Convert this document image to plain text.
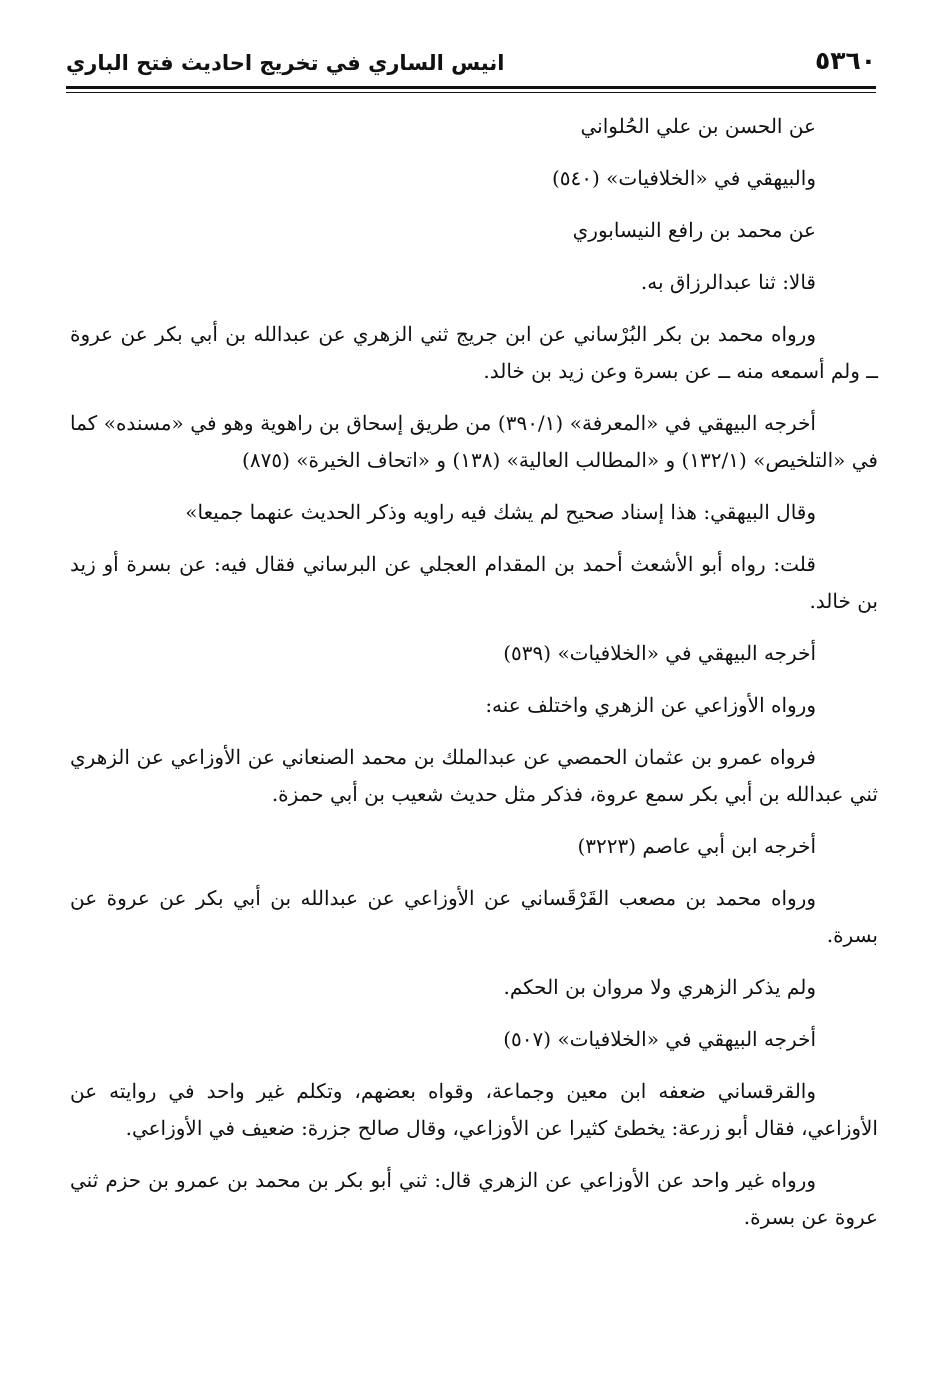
٥٣٦٠
انيس الساري في تخريج احاديث فتح الباري

عن الحسن بن علي الحُلواني

والبيهقي في «الخلافيات» (٥٤٠)

عن محمد بن رافع النيسابوري

قالا: ثنا عبدالرزاق به.

ورواه محمد بن بكر البُرْساني عن ابن جريج ثني الزهري عن عبدالله بن أبي بكر عن عروة ــ ولم أسمعه منه ــ عن بسرة وعن زيد بن خالد.

أخرجه البيهقي في «المعرفة» (٣٩٠/١) من طريق إسحاق بن راهوية وهو في «مسنده» كما في «التلخيص» (١٣٢/١) و «المطالب العالية» (١٣٨) و «اتحاف الخيرة» (٨٧٥)

وقال البيهقي: هذا إسناد صحيح لم يشك فيه راويه وذكر الحديث عنهما جميعا»

قلت: رواه أبو الأشعث أحمد بن المقدام العجلي عن البرساني فقال فيه: عن بسرة أو زيد بن خالد.

أخرجه البيهقي في «الخلافيات» (٥٣٩)

ورواه الأوزاعي عن الزهري واختلف عنه:

فرواه عمرو بن عثمان الحمصي عن عبدالملك بن محمد الصنعاني عن الأوزاعي عن الزهري ثني عبدالله بن أبي بكر سمع عروة، فذكر مثل حديث شعيب بن أبي حمزة.

أخرجه ابن أبي عاصم (٣٢٢٣)

ورواه محمد بن مصعب القَرْقَساني عن الأوزاعي عن عبدالله بن أبي بكر عن عروة عن بسرة.

ولم يذكر الزهري ولا مروان بن الحكم.

أخرجه البيهقي في «الخلافيات» (٥٠٧)

والقرقساني ضعفه ابن معين وجماعة، وقواه بعضهم، وتكلم غير واحد في روايته عن الأوزاعي، فقال أبو زرعة: يخطئ كثيرا عن الأوزاعي، وقال صالح جزرة: ضعيف في الأوزاعي.

ورواه غير واحد عن الأوزاعي عن الزهري قال: ثني أبو بكر بن محمد بن عمرو بن حزم ثني عروة عن بسرة.
